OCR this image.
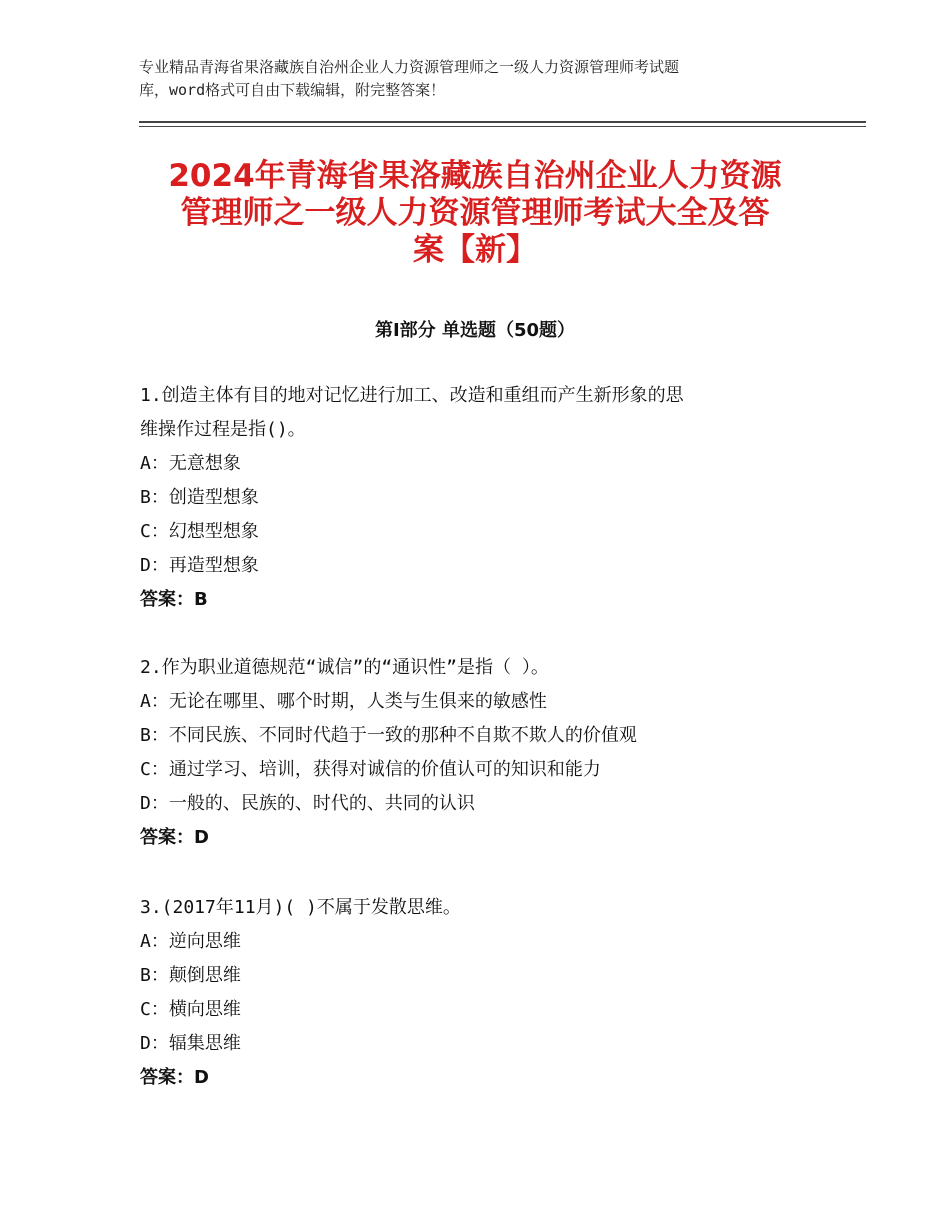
专业精品青海省果洛藏族自治州企业人力资源管理师之一级人力资源管理师考试题
库，word格式可自由下载编辑，附完整答案！
2024年青海省果洛藏族自治州企业人力资源
管理师之一级人力资源管理师考试大全及答
案【新】
第Ⅰ部分 单选题（50题）
1.创造主体有目的地对记忆进行加工、改造和重组而产生新形象的思
维操作过程是指()。
A：无意想象
B：创造型想象
C：幻想型想象
D：再造型想象
答案：B
2.作为职业道德规范“诚信”的“通识性”是指（ ）。
A：无论在哪里、哪个时期，人类与生俱来的敏感性
B：不同民族、不同时代趋于一致的那种不自欺不欺人的价值观
C：通过学习、培训，获得对诚信的价值认可的知识和能力
D：一般的、民族的、时代的、共同的认识
答案：D
3.(2017年11月)( )不属于发散思维。
A：逆向思维
B：颠倒思维
C：横向思维
D：辐集思维
答案：D
